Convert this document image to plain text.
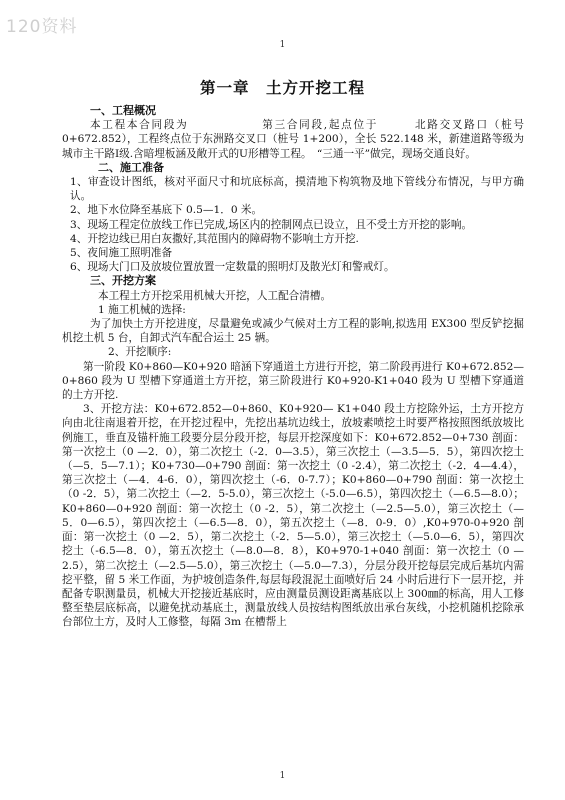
120资料
1
第一章　土方开挖工程

一、工程概况

本工程本合同段为　　　　　　第三合同段,起点位于　　　北路交叉路口（桩号 0+672.852），工程终点位于东洲路交叉口（桩号 1+200），全长 522.148 米，新建道路等级为城市主干路Ⅰ级.含暗埋板涵及敞开式的U形槽等工程。　“三通一平”做完，现场交通良好。

二、施工准备

1、审查设计图纸，核对平面尺寸和坑底标高，摸清地下构筑物及地下管线分布情况，与甲方确认。

2、地下水位降至基底下 0.5—1．0 米。

3、现场工程定位放线工作已完成,场区内的控制网点已设立，且不受土方开挖的影响。

4、开挖边线已用白灰撒好,其范围内的障碍物不影响土方开挖.

5、夜间施工照明准备

6、现场大门口及放坡位置放置一定数量的照明灯及散光灯和警戒灯。

三、开挖方案

本工程土方开挖采用机械大开挖，人工配合清槽。

1 施工机械的选择:

为了加快土方开挖进度，尽量避免或减少气候对土方工程的影响,拟选用 EX300 型反铲挖掘机挖土机 5 台，自卸式汽车配合运土 25 辆。

2、开挖顺序:

第一阶段 K0+860—K0+920 暗涵下穿通道土方进行开挖，第二阶段再进行 K0+672.852—0+860 段为 U 型槽下穿通道土方开挖，第三阶段进行 K0+920-K1+040 段为 U 型槽下穿通道的土方开挖.

3、开挖方法：K0+672.852—0+860、K0+920— K1+040 段土方挖除外运，土方开挖方向由北往南退着开挖，在开挖过程中，先挖出基坑边线土，放坡素喷挖土时要严格按照图纸放坡比例施工，垂直及锚杆施工段要分层分段开挖，每层开挖深度如下：K0+672.852—0+730 剖面：第一次挖土（0 —2．0），第二次挖土（-2．0—3.5），第三次挖土（—3.5—5．5），第四次挖土（—5．5—7.1）；K0+730—0+790 剖面：第一次挖土（0 -2.4），第二次挖土（-2．4—4.4），第三次挖土（—4．4-6．0），第四次挖土（-6．0-7.7）；K0+860—0+790 剖面：第一次挖土（0 -2．5），第二次挖土（—2．5-5.0），第三次挖土（-5.0—6.5），第四次挖土（—6.5—8.0）；K0+860—0+920 剖面：第一次挖土（0 -2．5），第二次挖土（—2.5—5.0），第三次挖土（—5．0—6.5），第四次挖土（—6.5—8．0），第五次挖土（—8．0-9．0）,K0+970-0+920 剖面：第一次挖土（0 —2．5），第二次挖土（-2．5—5.0），第三次挖土（—5.0—6．5），第四次挖土（-6.5—8．0），第五次挖土（—8.0—8．8），K0+970-1+040 剖面：第一次挖土（0 —2.5），第二次挖土（—2.5—5.0），第三次挖土（—5.0—7.3），分层分段开挖每层完成后基坑内需挖平整，留 5 米工作面，为护坡创造条件,每层每段混泥土面喷好后 24 小时后进行下一层开挖，并配备专职测量员，机械大开挖接近基底时，应由测量员测设距离基底以上 300㎜的标高，用人工修整至垫层底标高，以避免扰动基底土，测量放线人员按结构图纸放出承台灰线，小挖机随机挖除承台部位土方，及时人工修整，每隔 3m 在槽帮上

1
